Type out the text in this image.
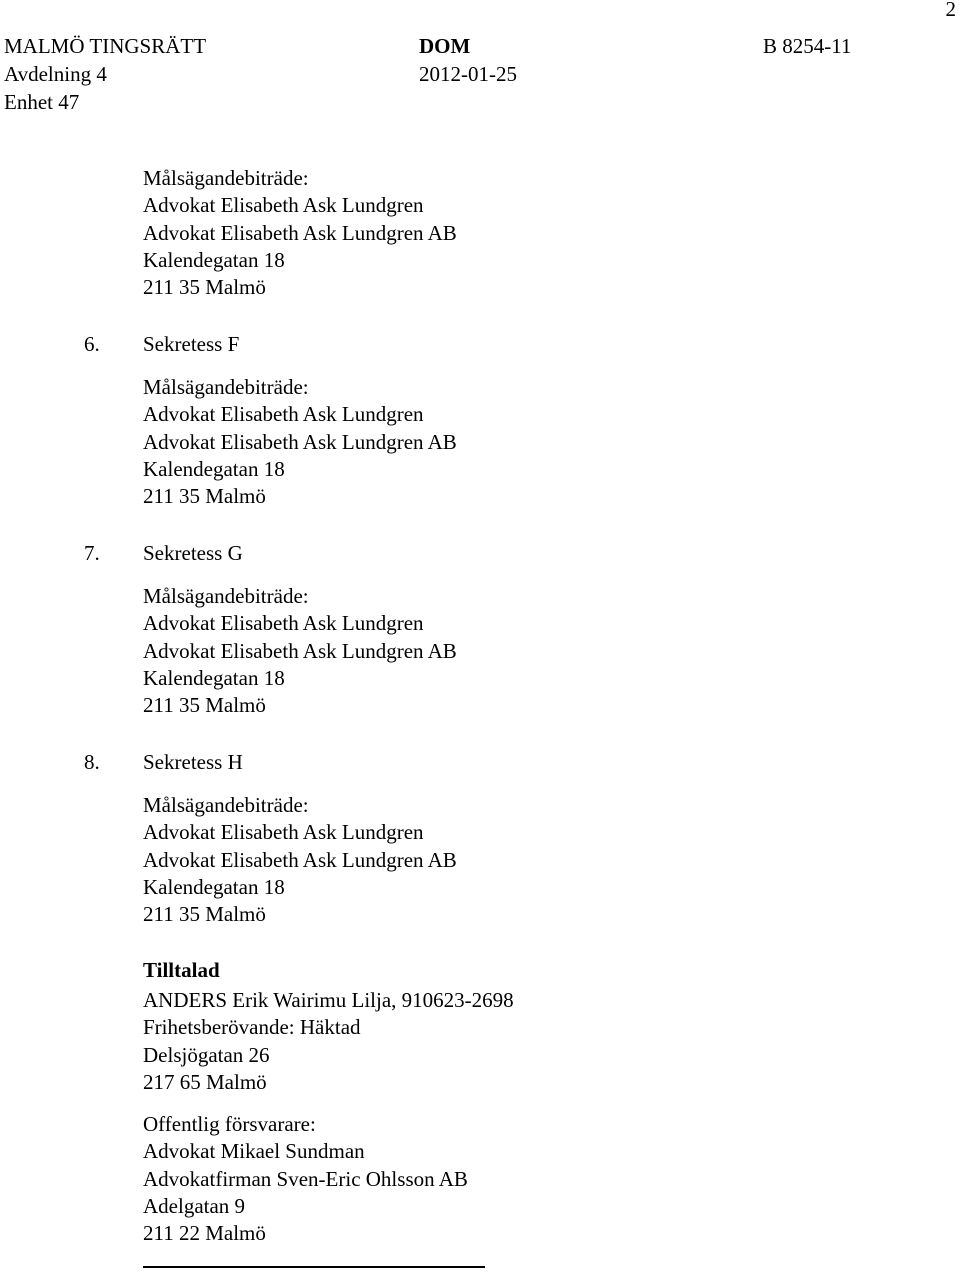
2
MALMÖ TINGSRÄTT	DOM	B 8254-11
Avdelning 4	2012-01-25
Enhet 47
Målsägandebiträde:
Advokat Elisabeth Ask Lundgren
Advokat Elisabeth Ask Lundgren AB
Kalendegatan 18
211 35 Malmö
6. Sekretess F
Målsägandebiträde:
Advokat Elisabeth Ask Lundgren
Advokat Elisabeth Ask Lundgren AB
Kalendegatan 18
211 35 Malmö
7. Sekretess G
Målsägandebiträde:
Advokat Elisabeth Ask Lundgren
Advokat Elisabeth Ask Lundgren AB
Kalendegatan 18
211 35 Malmö
8. Sekretess H
Målsägandebiträde:
Advokat Elisabeth Ask Lundgren
Advokat Elisabeth Ask Lundgren AB
Kalendegatan 18
211 35 Malmö
Tilltalad
ANDERS Erik Wairimu Lilja, 910623-2698
Frihetsberövande: Häktad
Delsjögatan 26
217 65 Malmö
Offentlig försvarare:
Advokat Mikael Sundman
Advokatfirman Sven-Eric Ohlsson AB
Adelgatan 9
211 22 Malmö
